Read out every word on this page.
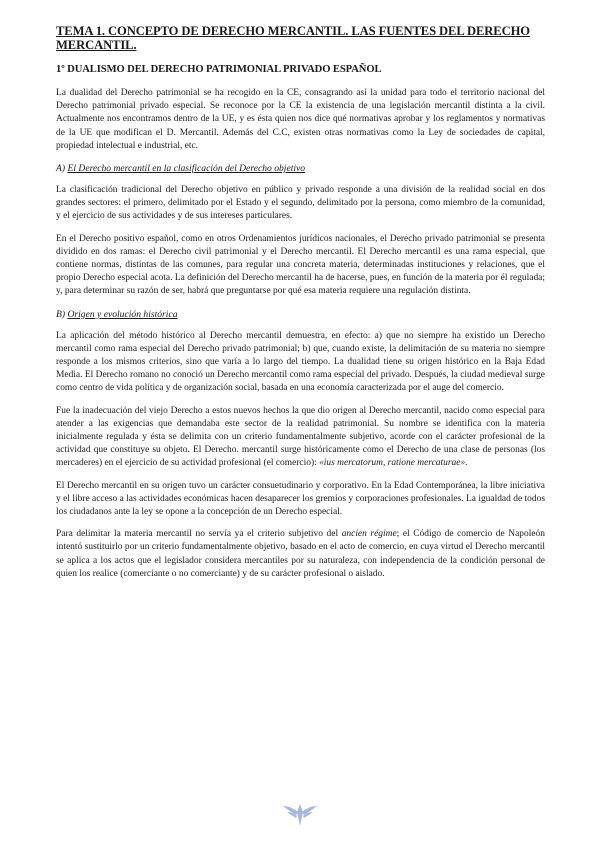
TEMA 1. CONCEPTO DE DERECHO MERCANTIL. LAS FUENTES DEL DERECHO MERCANTIL.
1º DUALISMO DEL DERECHO PATRIMONIAL PRIVADO ESPAÑOL

La dualidad del Derecho patrimonial se ha recogido en la CE, consagrando así la unidad para todo el territorio nacional del Derecho patrimonial privado especial. Se reconoce por la CE la existencia de una legislación mercantil distinta a la civil. Actualmente nos encontramos dentro de la UE, y es ésta quien nos dice qué normativas aprobar y los reglamentos y normativas de la UE que modifican el D. Mercantil. Además del C.C, existen otras normativas como la Ley de sociedades de capital, propiedad intelectual e industrial, etc.

A) El Derecho mercantil en la clasificación del Derecho objetivo

La clasificación tradicional del Derecho objetivo en público y privado responde a una división de la realidad social en dos grandes sectores: el primero, delimitado por el Estado y el segundo, delimitado por la persona, como miembro de la comunidad, y el ejercicio de sus actividades y de sus intereses particulares.

En el Derecho positivo español, como en otros Ordenamientos jurídicos nacionales, el Derecho privado patrimonial se presenta dividido en dos ramas: el Derecho civil patrimonial y el Derecho mercantil. El Derecho mercantil es una rama especial, que contiene normas, distintas de las comunes, para regular una concreta materia, determinadas instituciones y relaciones, que el propio Derecho especial acota. La definición del Derecho mercantil ha de hacerse, pues, en función de la materia por él regulada; y, para determinar su razón de ser, habrá que preguntarse por qué esa materia requiere una regulación distinta.

B) Origen y evolución histórica

La aplicación del método histórico al Derecho mercantil demuestra, en efecto: a) que no siempre ha existido un Derecho mercantil como rama especial del Derecho privado patrimonial; b) que, cuando existe, la delimitación de su materia no siempre responde a los mismos criterios, sino que varía a lo largo del tiempo. La dualidad tiene su origen histórico en la Baja Edad Media. El Derecho romano no conoció un Derecho mercantil como rama especial del privado. Después, la ciudad medieval surge como centro de vida política y de organización social, basada en una economía caracterizada por el auge del comercio.

Fue la inadecuación del viejo Derecho a estos nuevos hechos la que dio origen al Derecho mercantil, nacido como especial para atender a las exigencias que demandaba este sector de la realidad patrimonial. Su nombre se identifica con la materia inicialmente regulada y ésta se delimita con un criterio fundamentalmente subjetivo, acorde con el carácter profesional de la actividad que constituye su objeto. El Derecho. mercantil surge históricamente como el Derecho de una clase de personas (los mercaderes) en el ejercicio de su actividad profesional (el comercio): «ius mercatorum, ratione mercaturae».

El Derecho mercantil en su origen tuvo un carácter consuetudinario y corporativo. En la Edad Contemporánea, la libre iniciativa y el libre acceso a las actividades económicas hacen desaparecer los gremios y corporaciones profesionales. La igualdad de todos los ciudadanos ante la ley se opone a la concepción de un Derecho especial.

Para delimitar la materia mercantil no servía ya el criterio subjetivo del ancien régime; el Código de comercio de Napoleón intentó sustituirlo por un criterio fundamentalmente objetivo, basado en el acto de comercio, en cuya virtud el Derecho mercantil se aplica a los actos que el legislador considera mercantiles por su naturaleza, con independencia de la condición personal de quien los realice (comerciante o no comerciante) y de su carácter profesional o aislado.
